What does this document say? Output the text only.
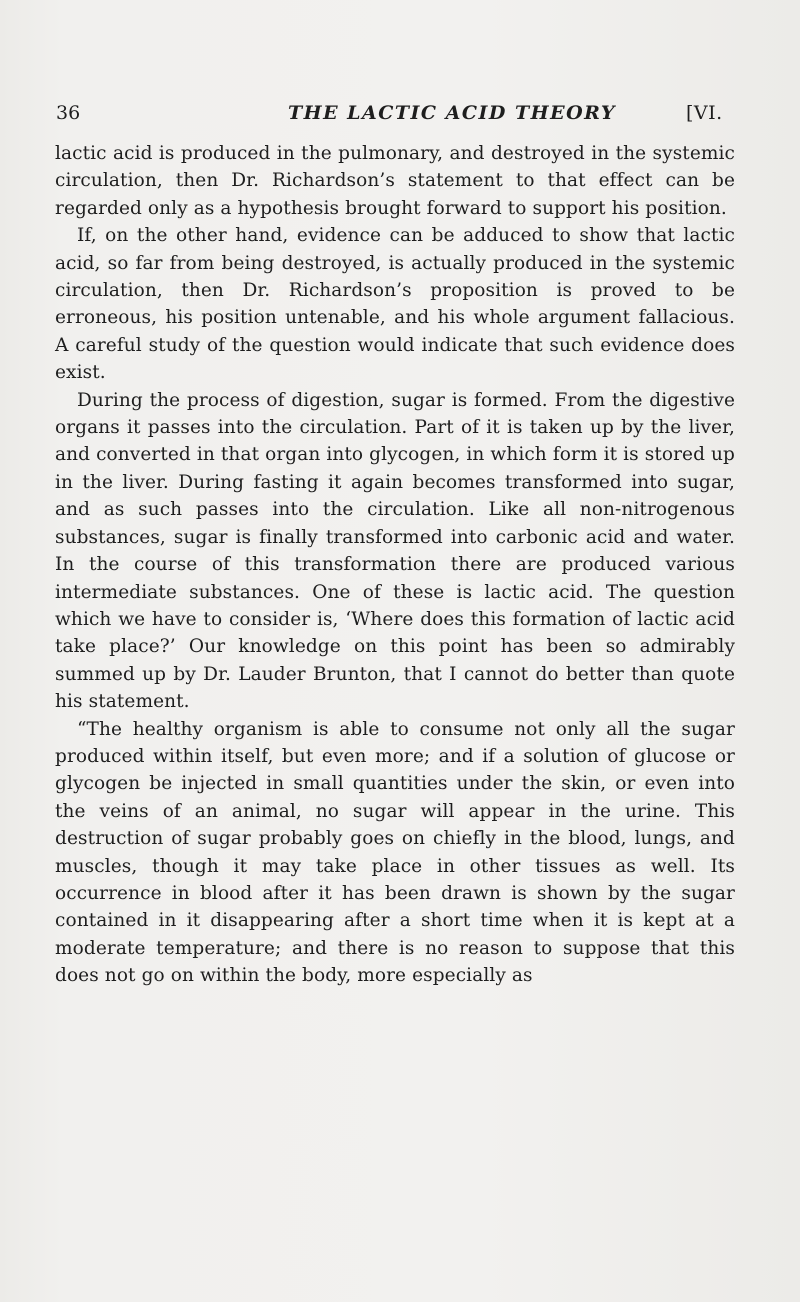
36	THE LACTIC ACID THEORY	[VI.

lactic acid is produced in the pulmonary, and destroyed in the systemic circulation, then Dr. Richardson’s statement to that effect can be regarded only as a hypothesis brought forward to support his position.

If, on the other hand, evidence can be adduced to show that lactic acid, so far from being destroyed, is actually produced in the systemic circulation, then Dr. Richardson’s proposition is proved to be erroneous, his position untenable, and his whole argument fallacious. A careful study of the question would indicate that such evidence does exist.

During the process of digestion, sugar is formed. From the digestive organs it passes into the circulation. Part of it is taken up by the liver, and converted in that organ into glycogen, in which form it is stored up in the liver. During fasting it again becomes transformed into sugar, and as such passes into the circulation. Like all non-nitrogenous substances, sugar is finally transformed into carbonic acid and water. In the course of this transformation there are produced various intermediate substances. One of these is lactic acid. The question which we have to consider is, ‘Where does this formation of lactic acid take place?’ Our knowledge on this point has been so admirably summed up by Dr. Lauder Brunton, that I cannot do better than quote his statement.

“The healthy organism is able to consume not only all the sugar produced within itself, but even more; and if a solution of glucose or glycogen be injected in small quantities under the skin, or even into the veins of an animal, no sugar will appear in the urine. This destruction of sugar probably goes on chiefly in the blood, lungs, and muscles, though it may take place in other tissues as well. Its occurrence in blood after it has been drawn is shown by the sugar contained in it disappearing after a short time when it is kept at a moderate temperature; and there is no reason to suppose that this does not go on within the body, more especially as
